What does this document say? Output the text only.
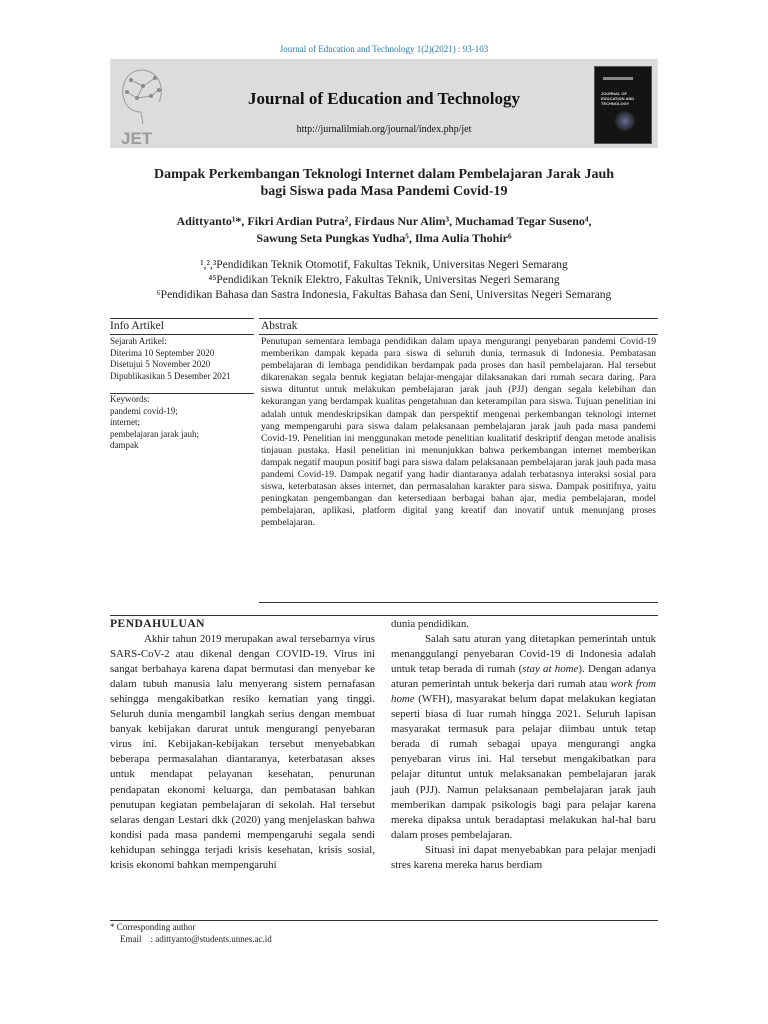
Journal of Education and Technology 1(2)(2021) : 93-103
JET
Journal of Education and Technology
http://jurnalilmiah.org/journal/index.php/jet
JOURNAL OF EDUCATION AND TECHNOLOGY
Dampak Perkembangan Teknologi Internet dalam Pembelajaran Jarak Jauh
bagi Siswa pada Masa Pandemi Covid-19
Adittyanto¹*, Fikri Ardian Putra², Firdaus Nur Alim³, Muchamad Tegar Suseno⁴,
Sawung Seta Pungkas Yudha⁵, Ilma Aulia Thohir⁶
¹,²,³Pendidikan Teknik Otomotif, Fakultas Teknik, Universitas Negeri Semarang
⁴⁵Pendidikan Teknik Elektro, Fakultas Teknik, Universitas Negeri Semarang
⁶Pendidikan Bahasa dan Sastra Indonesia, Fakultas Bahasa dan Seni, Universitas Negeri Semarang
Info Artikel	Abstrak
Sejarah Artikel:
Diterima 10 September 2020
Disetujui 5 November 2020
Dipublikasikan 5 Desember 2021
Keywords:
pandemi covid-19;
internet;
pembelajaran jarak jauh;
dampak
Penutupan sementara lembaga pendidikan dalam upaya mengurangi penyebaran pandemi Covid-19 memberikan dampak kepada para siswa di seluruh dunia, termasuk di Indonesia. Pembatasan pembelajaran di lembaga pendidikan berdampak pada proses dan hasil pembelajaran. Hal tersebut dikarenakan segala bentuk kegiatan belajar-mengajar dilaksanakan dari rumah secara daring. Para siswa dituntut untuk melakukan pembelajaran jarak jauh (PJJ) dengan segala kelebihan dan kekurangan yang berdampak kualitas pengetahuan dan keterampilan para siswa. Tujuan penelitian ini adalah untuk mendeskripsikan dampak dan perspektif mengenai perkembangan teknologi internet yang mempengaruhi para siswa dalam pelaksanaan pembelajaran jarak jauh pada masa pandemi Covid-19. Penelitian ini menggunakan metode penelitian kualitatif deskriptif dengan metode analisis tinjauan pustaka. Hasil penelitian ini menunjukkan bahwa perkembangan internet memberikan dampak negatif maupun positif bagi para siswa dalam pelaksanaan pembelajaran jarak jauh pada masa pandemi Covid-19. Dampak negatif yang hadir diantaranya adalah terbatasnya interaksi sosial para siswa, keterbatasan akses internet, dan permasalahan karakter para siswa. Dampak positifnya, yaitu peningkatan pengembangan dan ketersediaan berbagai bahan ajar, media pembelajaran, model pembelajaran, aplikasi, platform digital yang kreatif dan inovatif untuk menunjang proses pembelajaran.
PENDAHULUAN

Akhir tahun 2019 merupakan awal tersebarnya virus SARS-CoV-2 atau dikenal dengan COVID-19. Virus ini sangat berbahaya karena dapat bermutasi dan menyebar ke dalam tubuh manusia lalu menyerang sistem pernafasan sehingga mengakibatkan resiko kematian yang tinggi. Seluruh dunia mengambil langkah serius dengan membuat banyak kebijakan darurat untuk mengurangi penyebaran virus ini. Kebijakan-kebijakan tersebut menyebabkan beberapa permasalahan diantaranya, keterbatasan akses untuk mendapat pelayanan kesehatan, penurunan pendapatan ekonomi keluarga, dan pembatasan bahkan penutupan kegiatan pembelajaran di sekolah. Hal tersebut selaras dengan Lestari dkk (2020) yang menjelaskan bahwa kondisi pada masa pandemi mempengaruhi segala sendi kehidupan sehingga terjadi krisis kesehatan, krisis sosial, krisis ekonomi bahkan mempengaruhi

dunia pendidikan.

Salah satu aturan yang ditetapkan pemerintah untuk menanggulangi penyebaran Covid-19 di Indonesia adalah untuk tetap berada di rumah (stay at home). Dengan adanya aturan pemerintah untuk bekerja dari rumah atau work from home (WFH), masyarakat belum dapat melakukan kegiatan seperti biasa di luar rumah hingga 2021. Seluruh lapisan masyarakat termasuk para pelajar diimbau untuk tetap berada di rumah sebagai upaya mengurangi angka penyebaran virus ini. Hal tersebut mengakibatkan para pelajar dituntut untuk melaksanakan pembelajaran jarak jauh (PJJ). Namun pelaksanaan pembelajaran jarak jauh memberikan dampak psikologis bagi para pelajar karena mereka dipaksa untuk beradaptasi melakukan hal-hal baru dalam proses pembelajaran.

Situasi ini dapat menyebabkan para pelajar menjadi stres karena mereka harus berdiam

* Corresponding author
Email : adittyanto@students.unnes.ac.id
